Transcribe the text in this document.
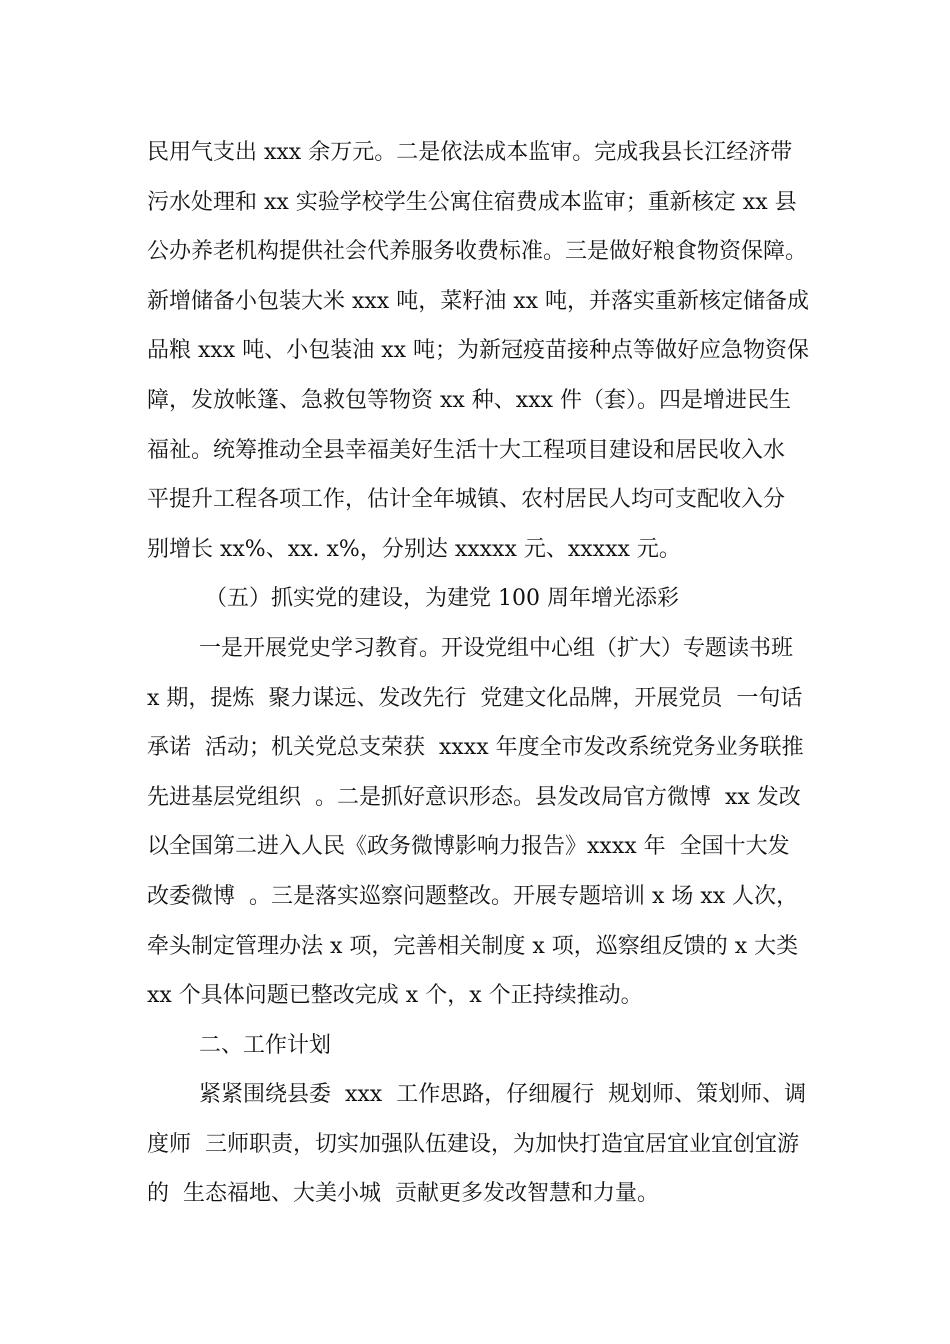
民用气支出 xxx 余万元。二是依法成本监审。完成我县长江经济带
污水处理和 xx 实验学校学生公寓住宿费成本监审；重新核定 xx 县
公办养老机构提供社会代养服务收费标准。三是做好粮食物资保障。
新增储备小包装大米 xxx 吨，菜籽油 xx 吨，并落实重新核定储备成
品粮 xxx 吨、小包装油 xx 吨；为新冠疫苗接种点等做好应急物资保
障，发放帐篷、急救包等物资 xx 种、xxx 件（套）。四是增进民生
福祉。统筹推动全县幸福美好生活十大工程项目建设和居民收入水
平提升工程各项工作，估计全年城镇、农村居民人均可支配收入分
别增长 xx%、xx. x%，分别达 xxxxx 元、xxxxx 元。
（五）抓实党的建设，为建党 100 周年增光添彩
一是开展党史学习教育。开设党组中心组（扩大）专题读书班
x 期，提炼  聚力谋远、发改先行  党建文化品牌，开展党员  一句话
承诺  活动；机关党总支荣获  xxxx 年度全市发改系统党务业务联推
先进基层党组织  。二是抓好意识形态。县发改局官方微博  xx 发改
以全国第二进入人民《政务微博影响力报告》xxxx 年  全国十大发
改委微博  。三是落实巡察问题整改。开展专题培训 x 场 xx 人次，
牵头制定管理办法 x 项，完善相关制度 x 项，巡察组反馈的 x 大类
xx 个具体问题已整改完成 x 个，x 个正持续推动。
二、工作计划
紧紧围绕县委  xxx  工作思路，仔细履行  规划师、策划师、调
度师  三师职责，切实加强队伍建设，为加快打造宜居宜业宜创宜游
的  生态福地、大美小城  贡献更多发改智慧和力量。
